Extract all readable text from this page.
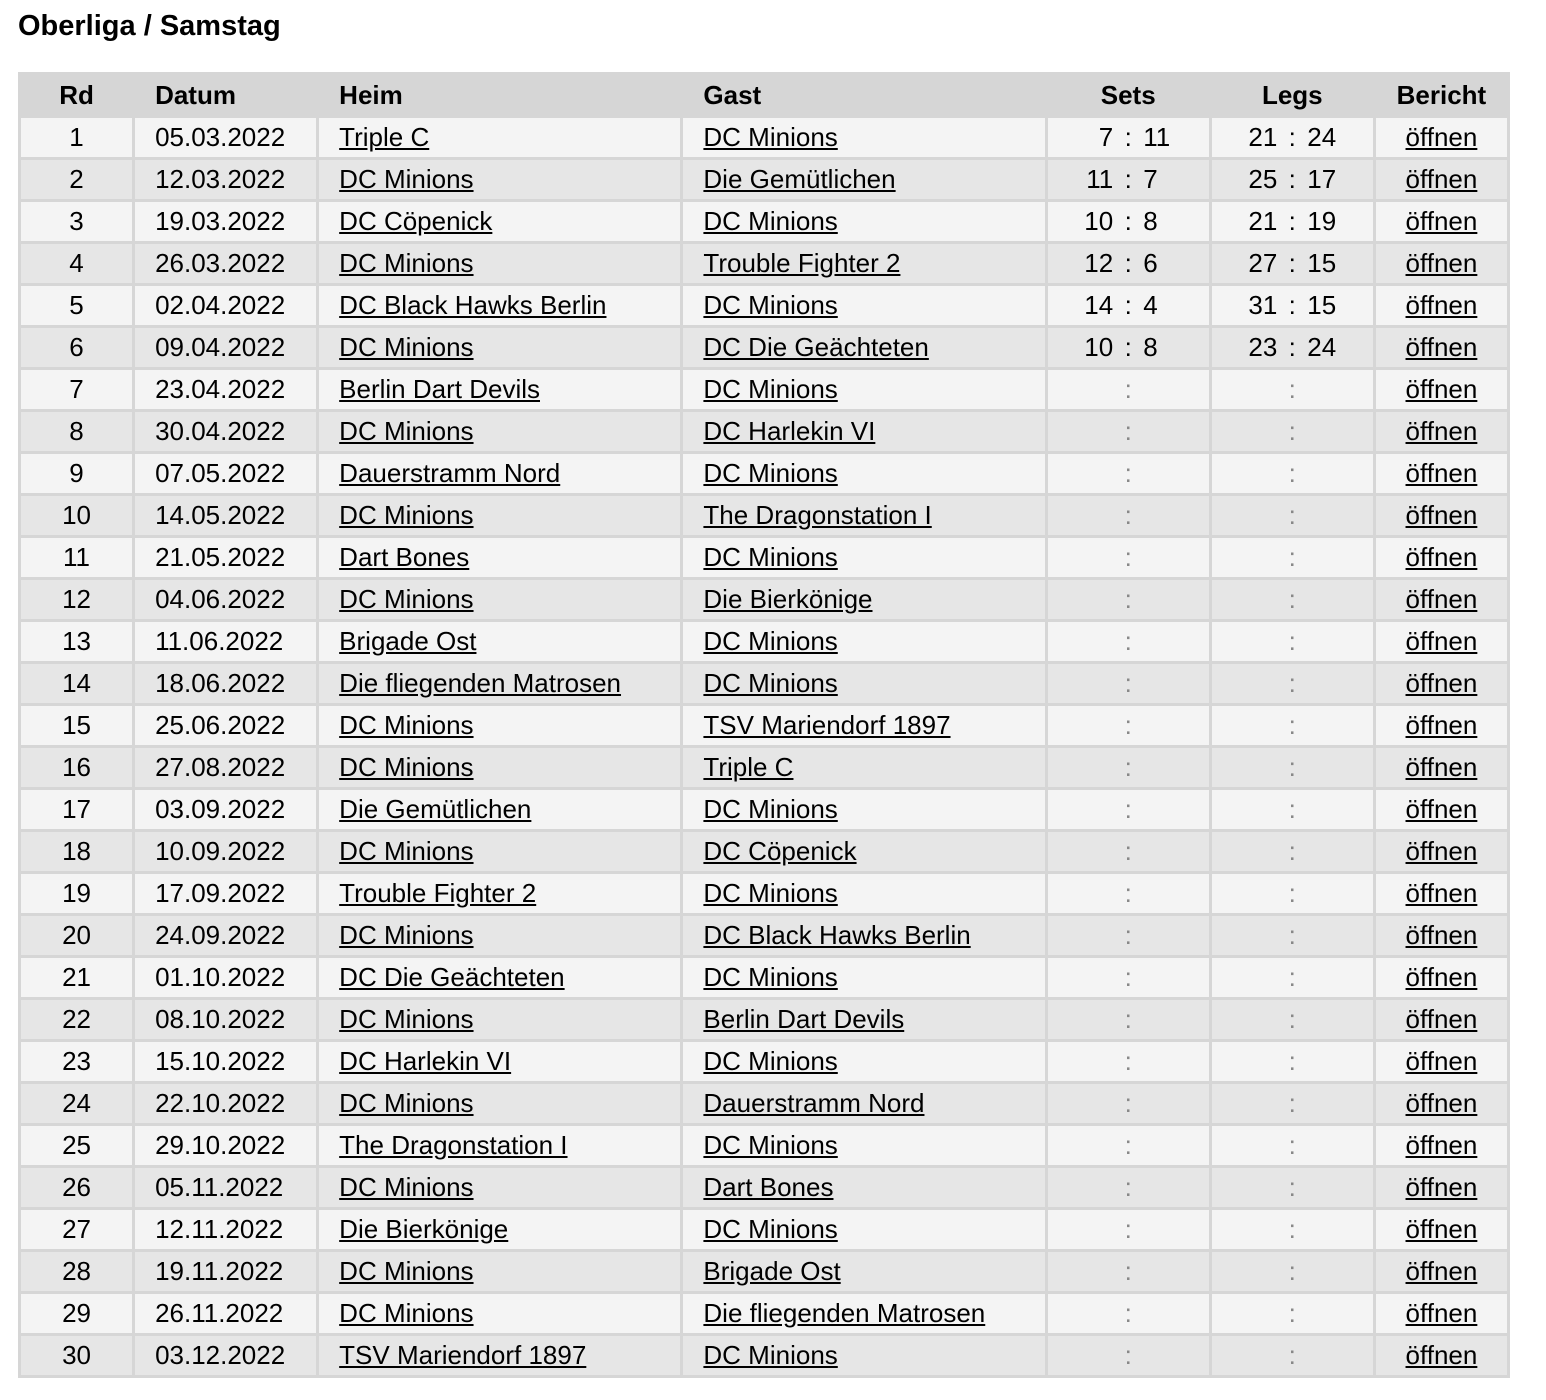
Oberliga / Samstag
Rd	Datum	Heim	Gast	Sets	Legs	Bericht
1	05.03.2022	Triple C	DC Minions	7 : 11	21 : 24	öffnen
2	12.03.2022	DC Minions	Die Gemütlichen	11 : 7	25 : 17	öffnen
3	19.03.2022	DC Cöpenick	DC Minions	10 : 8	21 : 19	öffnen
4	26.03.2022	DC Minions	Trouble Fighter 2	12 : 6	27 : 15	öffnen
5	02.04.2022	DC Black Hawks Berlin	DC Minions	14 : 4	31 : 15	öffnen
6	09.04.2022	DC Minions	DC Die Geächteten	10 : 8	23 : 24	öffnen
7	23.04.2022	Berlin Dart Devils	DC Minions	:	:	öffnen
8	30.04.2022	DC Minions	DC Harlekin VI	:	:	öffnen
9	07.05.2022	Dauerstramm Nord	DC Minions	:	:	öffnen
10	14.05.2022	DC Minions	The Dragonstation I	:	:	öffnen
11	21.05.2022	Dart Bones	DC Minions	:	:	öffnen
12	04.06.2022	DC Minions	Die Bierkönige	:	:	öffnen
13	11.06.2022	Brigade Ost	DC Minions	:	:	öffnen
14	18.06.2022	Die fliegenden Matrosen	DC Minions	:	:	öffnen
15	25.06.2022	DC Minions	TSV Mariendorf 1897	:	:	öffnen
16	27.08.2022	DC Minions	Triple C	:	:	öffnen
17	03.09.2022	Die Gemütlichen	DC Minions	:	:	öffnen
18	10.09.2022	DC Minions	DC Cöpenick	:	:	öffnen
19	17.09.2022	Trouble Fighter 2	DC Minions	:	:	öffnen
20	24.09.2022	DC Minions	DC Black Hawks Berlin	:	:	öffnen
21	01.10.2022	DC Die Geächteten	DC Minions	:	:	öffnen
22	08.10.2022	DC Minions	Berlin Dart Devils	:	:	öffnen
23	15.10.2022	DC Harlekin VI	DC Minions	:	:	öffnen
24	22.10.2022	DC Minions	Dauerstramm Nord	:	:	öffnen
25	29.10.2022	The Dragonstation I	DC Minions	:	:	öffnen
26	05.11.2022	DC Minions	Dart Bones	:	:	öffnen
27	12.11.2022	Die Bierkönige	DC Minions	:	:	öffnen
28	19.11.2022	DC Minions	Brigade Ost	:	:	öffnen
29	26.11.2022	DC Minions	Die fliegenden Matrosen	:	:	öffnen
30	03.12.2022	TSV Mariendorf 1897	DC Minions	:	:	öffnen
